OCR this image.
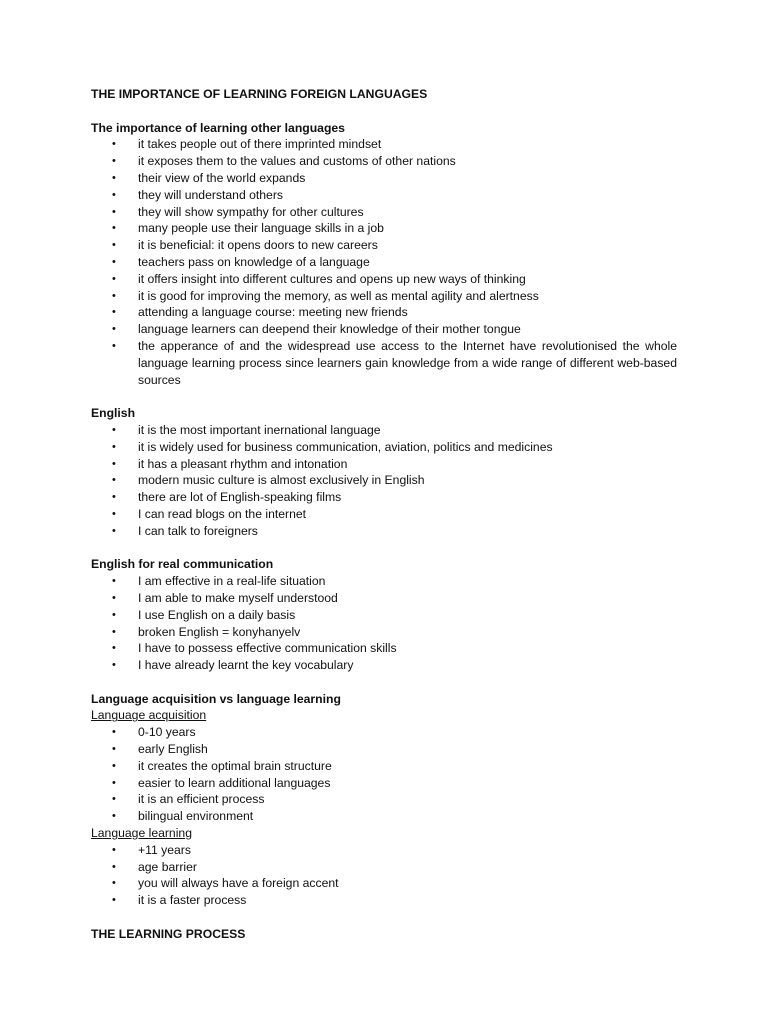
THE IMPORTANCE OF LEARNING FOREIGN LANGUAGES
The importance of learning other languages
• it takes people out of there imprinted mindset
• it exposes them to the values and customs of other nations
• their view of the world expands
• they will understand others
• they will show sympathy for other cultures
• many people use their language skills in a job
• it is beneficial: it opens doors to new careers
• teachers pass on knowledge of a language
• it offers insight into different cultures and opens up new ways of thinking
• it is good for improving the memory, as well as mental agility and alertness
• attending a language course: meeting new friends
• language learners can deepend their knowledge of their mother tongue
• the apperance of and the widespread use access to the Internet have revolutionised the whole language learning process since learners gain knowledge from a wide range of different web-based sources
English
• it is the most important inernational language
• it is widely used for business communication, aviation, politics and medicines
• it has a pleasant rhythm and intonation
• modern music culture is almost exclusively in English
• there are lot of English-speaking films
• I can read blogs on the internet
• I can talk to foreigners
English for real communication
• I am effective in a real-life situation
• I am able to make myself understood
• I use English on a daily basis
• broken English = konyhanyelv
• I have to possess effective communication skills
• I have already learnt the key vocabulary
Language acquisition vs language learning
Language acquisition
• 0-10 years
• early English
• it creates the optimal brain structure
• easier to learn additional languages
• it is an efficient process
• bilingual environment
Language learning
• +11 years
• age barrier
• you will always have a foreign accent
• it is a faster process
THE LEARNING PROCESS
